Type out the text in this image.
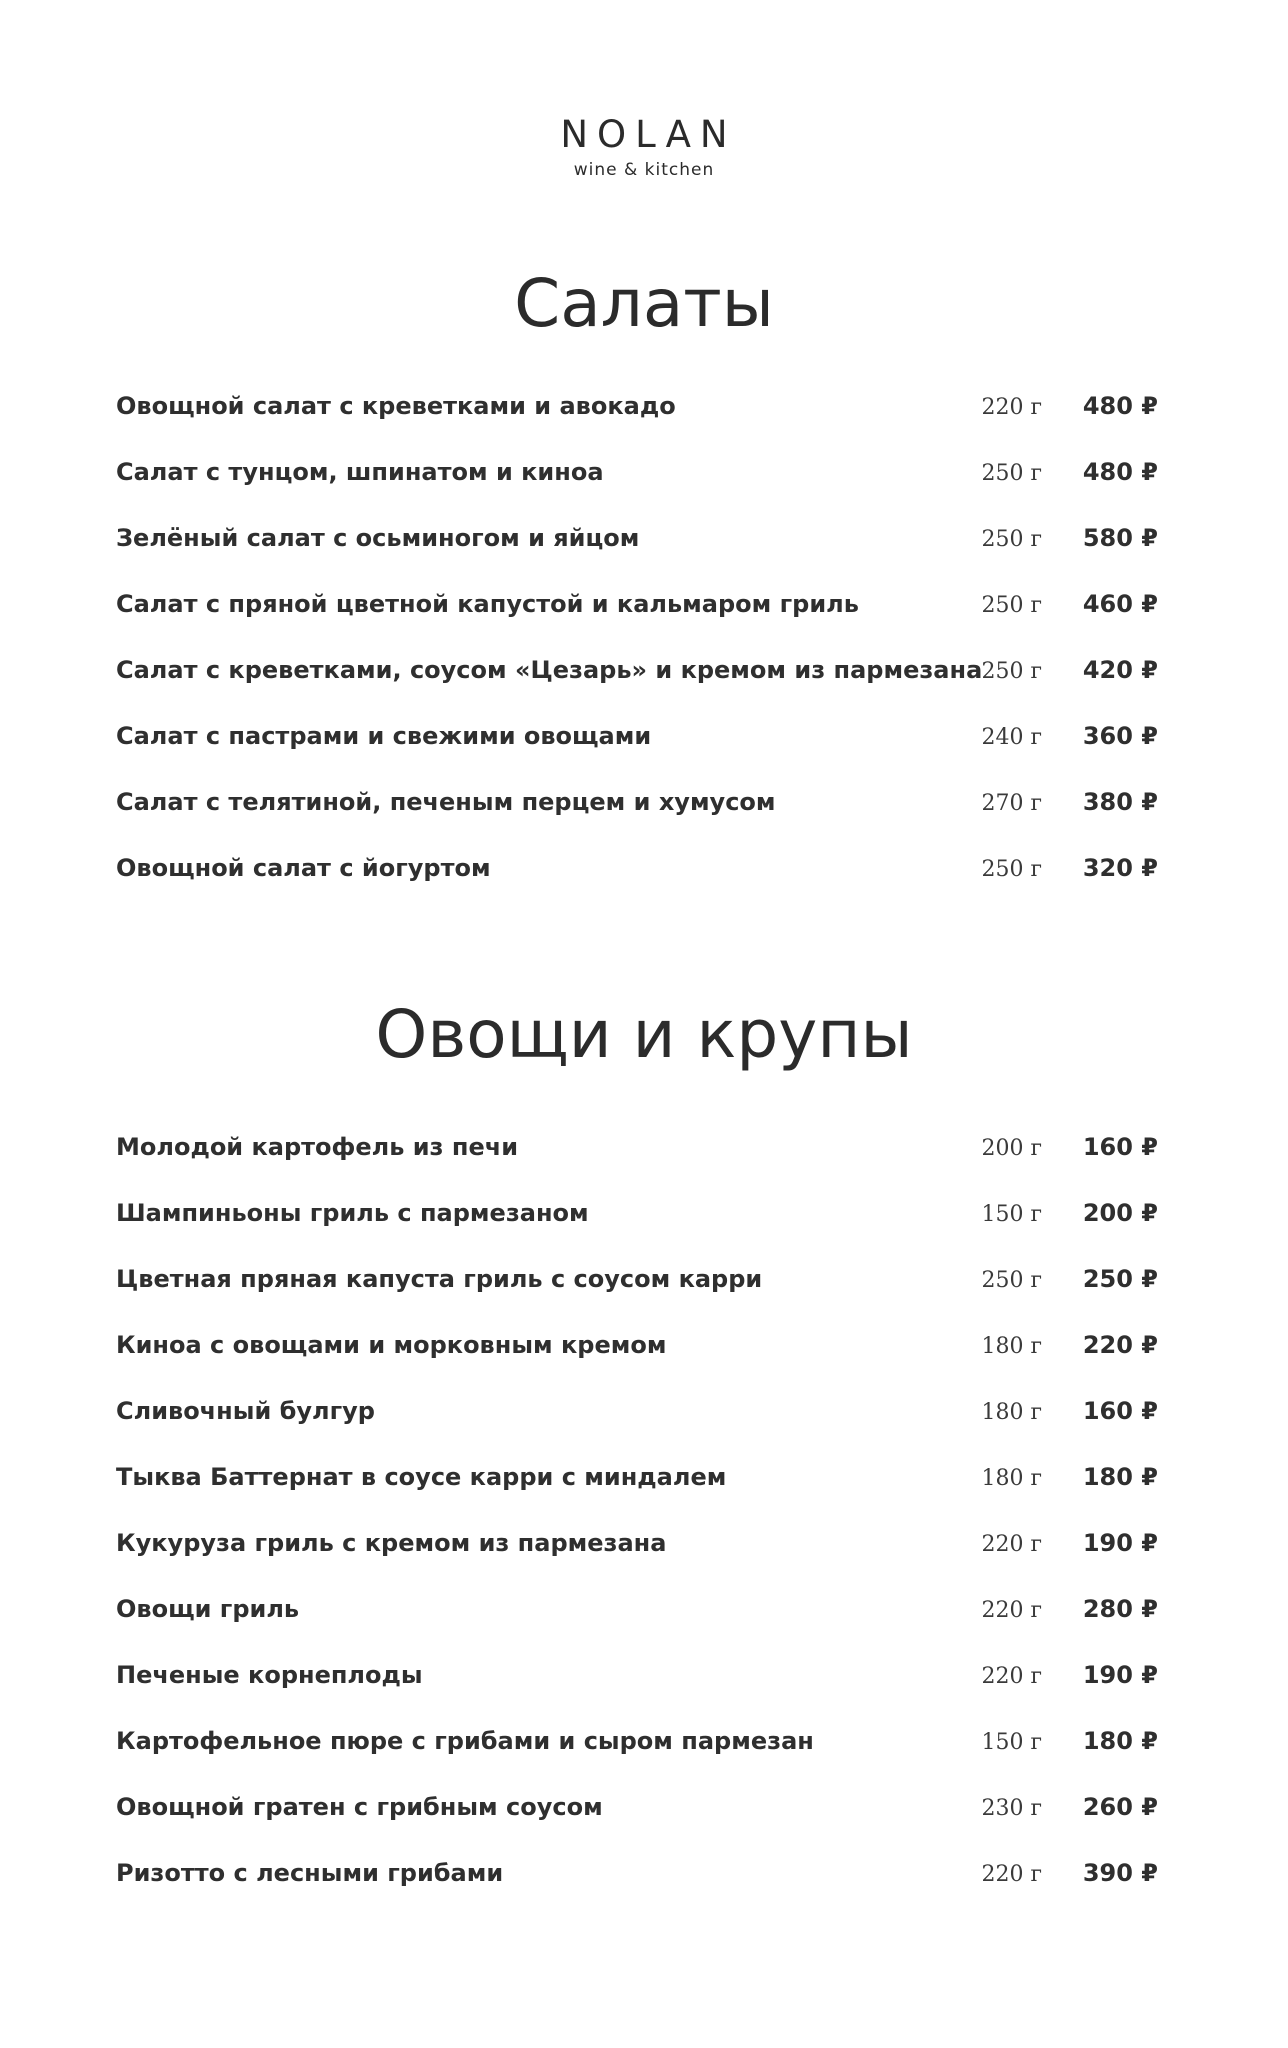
NOLAN
wine & kitchen
Салаты
Овощной салат с креветками и авокадо	220 г 480 ₽
Салат с тунцом, шпинатом и киноа	250 г 480 ₽
Зелёный салат с осьминогом и яйцом	250 г 580 ₽
Салат с пряной цветной капустой и кальмаром гриль	250 г 460 ₽
Салат с креветками, соусом «Цезарь» и кремом из пармезана 250 г 420 ₽
Салат с пастрами и свежими овощами	240 г 360 ₽
Салат с телятиной, печеным перцем и хумусом	270 г 380 ₽
Овощной салат с йогуртом	250 г 320 ₽
Овощи и крупы
Молодой картофель из печи	200 г 160 ₽
Шампиньоны гриль с пармезаном	150 г 200 ₽
Цветная пряная капуста гриль с соусом карри	250 г 250 ₽
Киноа с овощами и морковным кремом	180 г 220 ₽
Сливочный булгур	180 г 160 ₽
Тыква Баттернат в соусе карри с миндалем	180 г 180 ₽
Кукуруза гриль с кремом из пармезана	220 г 190 ₽
Овощи гриль	220 г 280 ₽
Печеные корнеплоды	220 г 190 ₽
Картофельное пюре с грибами и сыром пармезан	150 г 180 ₽
Овощной гратен с грибным соусом	230 г 260 ₽
Ризотто с лесными грибами	220 г 390 ₽
